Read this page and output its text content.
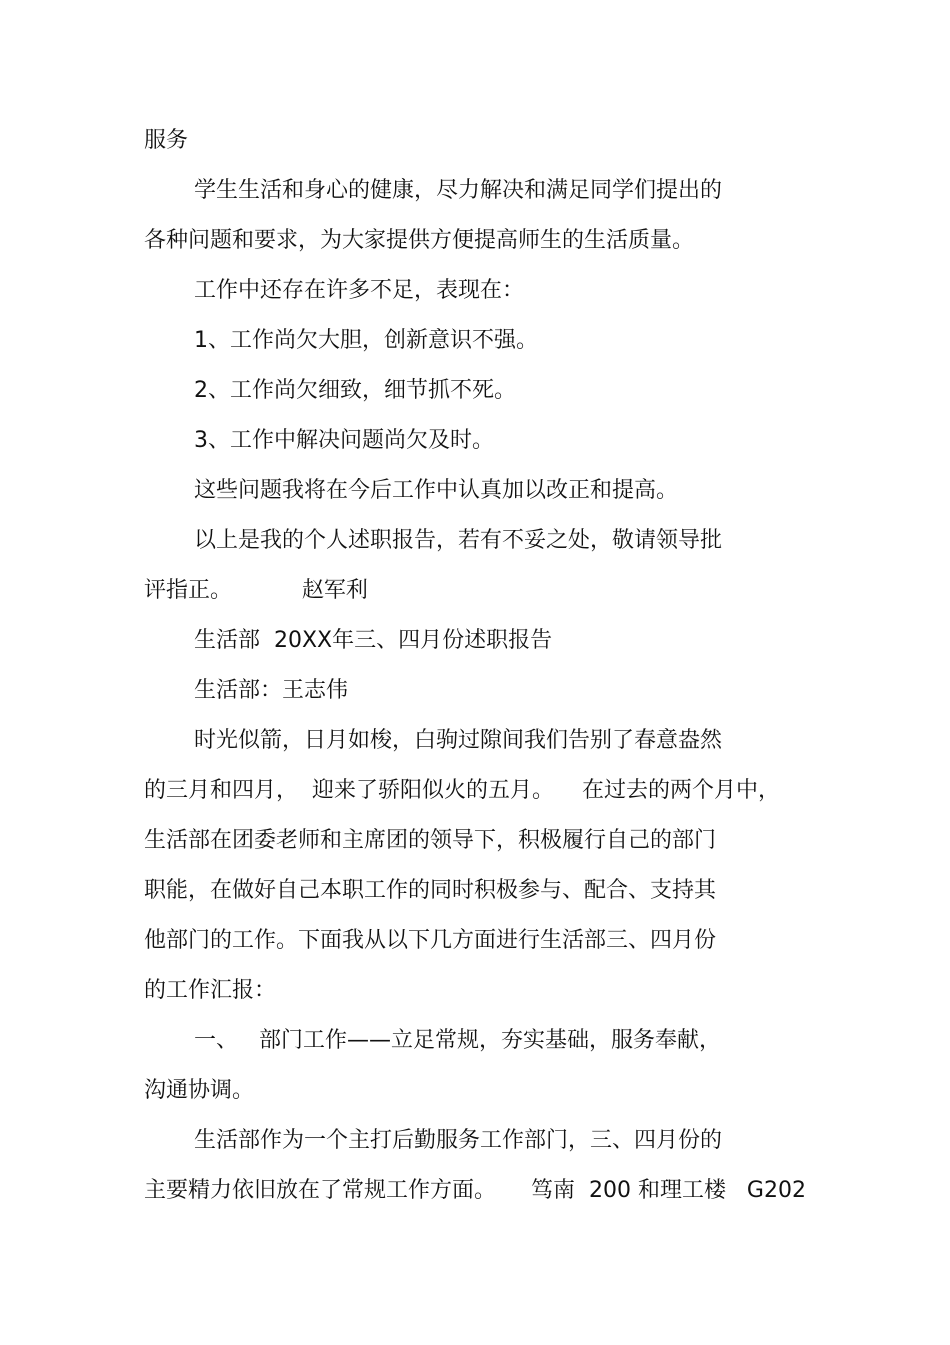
服务

学生生活和身心的健康，尽力解决和满足同学们提出的

各种问题和要求，为大家提供方便提高师生的生活质量。

工作中还存在许多不足，表现在：

1、工作尚欠大胆，创新意识不强。

2、工作尚欠细致，细节抓不死。

3、工作中解决问题尚欠及时。

这些问题我将在今后工作中认真加以改正和提高。

以上是我的个人述职报告，若有不妥之处，敬请领导批

评指正。          赵军利

生活部  20XX年三、四月份述职报告

生活部：王志伟

时光似箭，日月如梭，白驹过隙间我们告别了春意盎然

的三月和四月，  迎来了骄阳似火的五月。    在过去的两个月中，

生活部在团委老师和主席团的领导下，积极履行自己的部门

职能，在做好自己本职工作的同时积极参与、配合、支持其

他部门的工作。下面我从以下几方面进行生活部三、四月份

的工作汇报：

一、   部门工作——立足常规，夯实基础，服务奉献，

沟通协调。

生活部作为一个主打后勤服务工作部门，三、四月份的

主要精力依旧放在了常规工作方面。     笃南  200 和理工楼   G202
